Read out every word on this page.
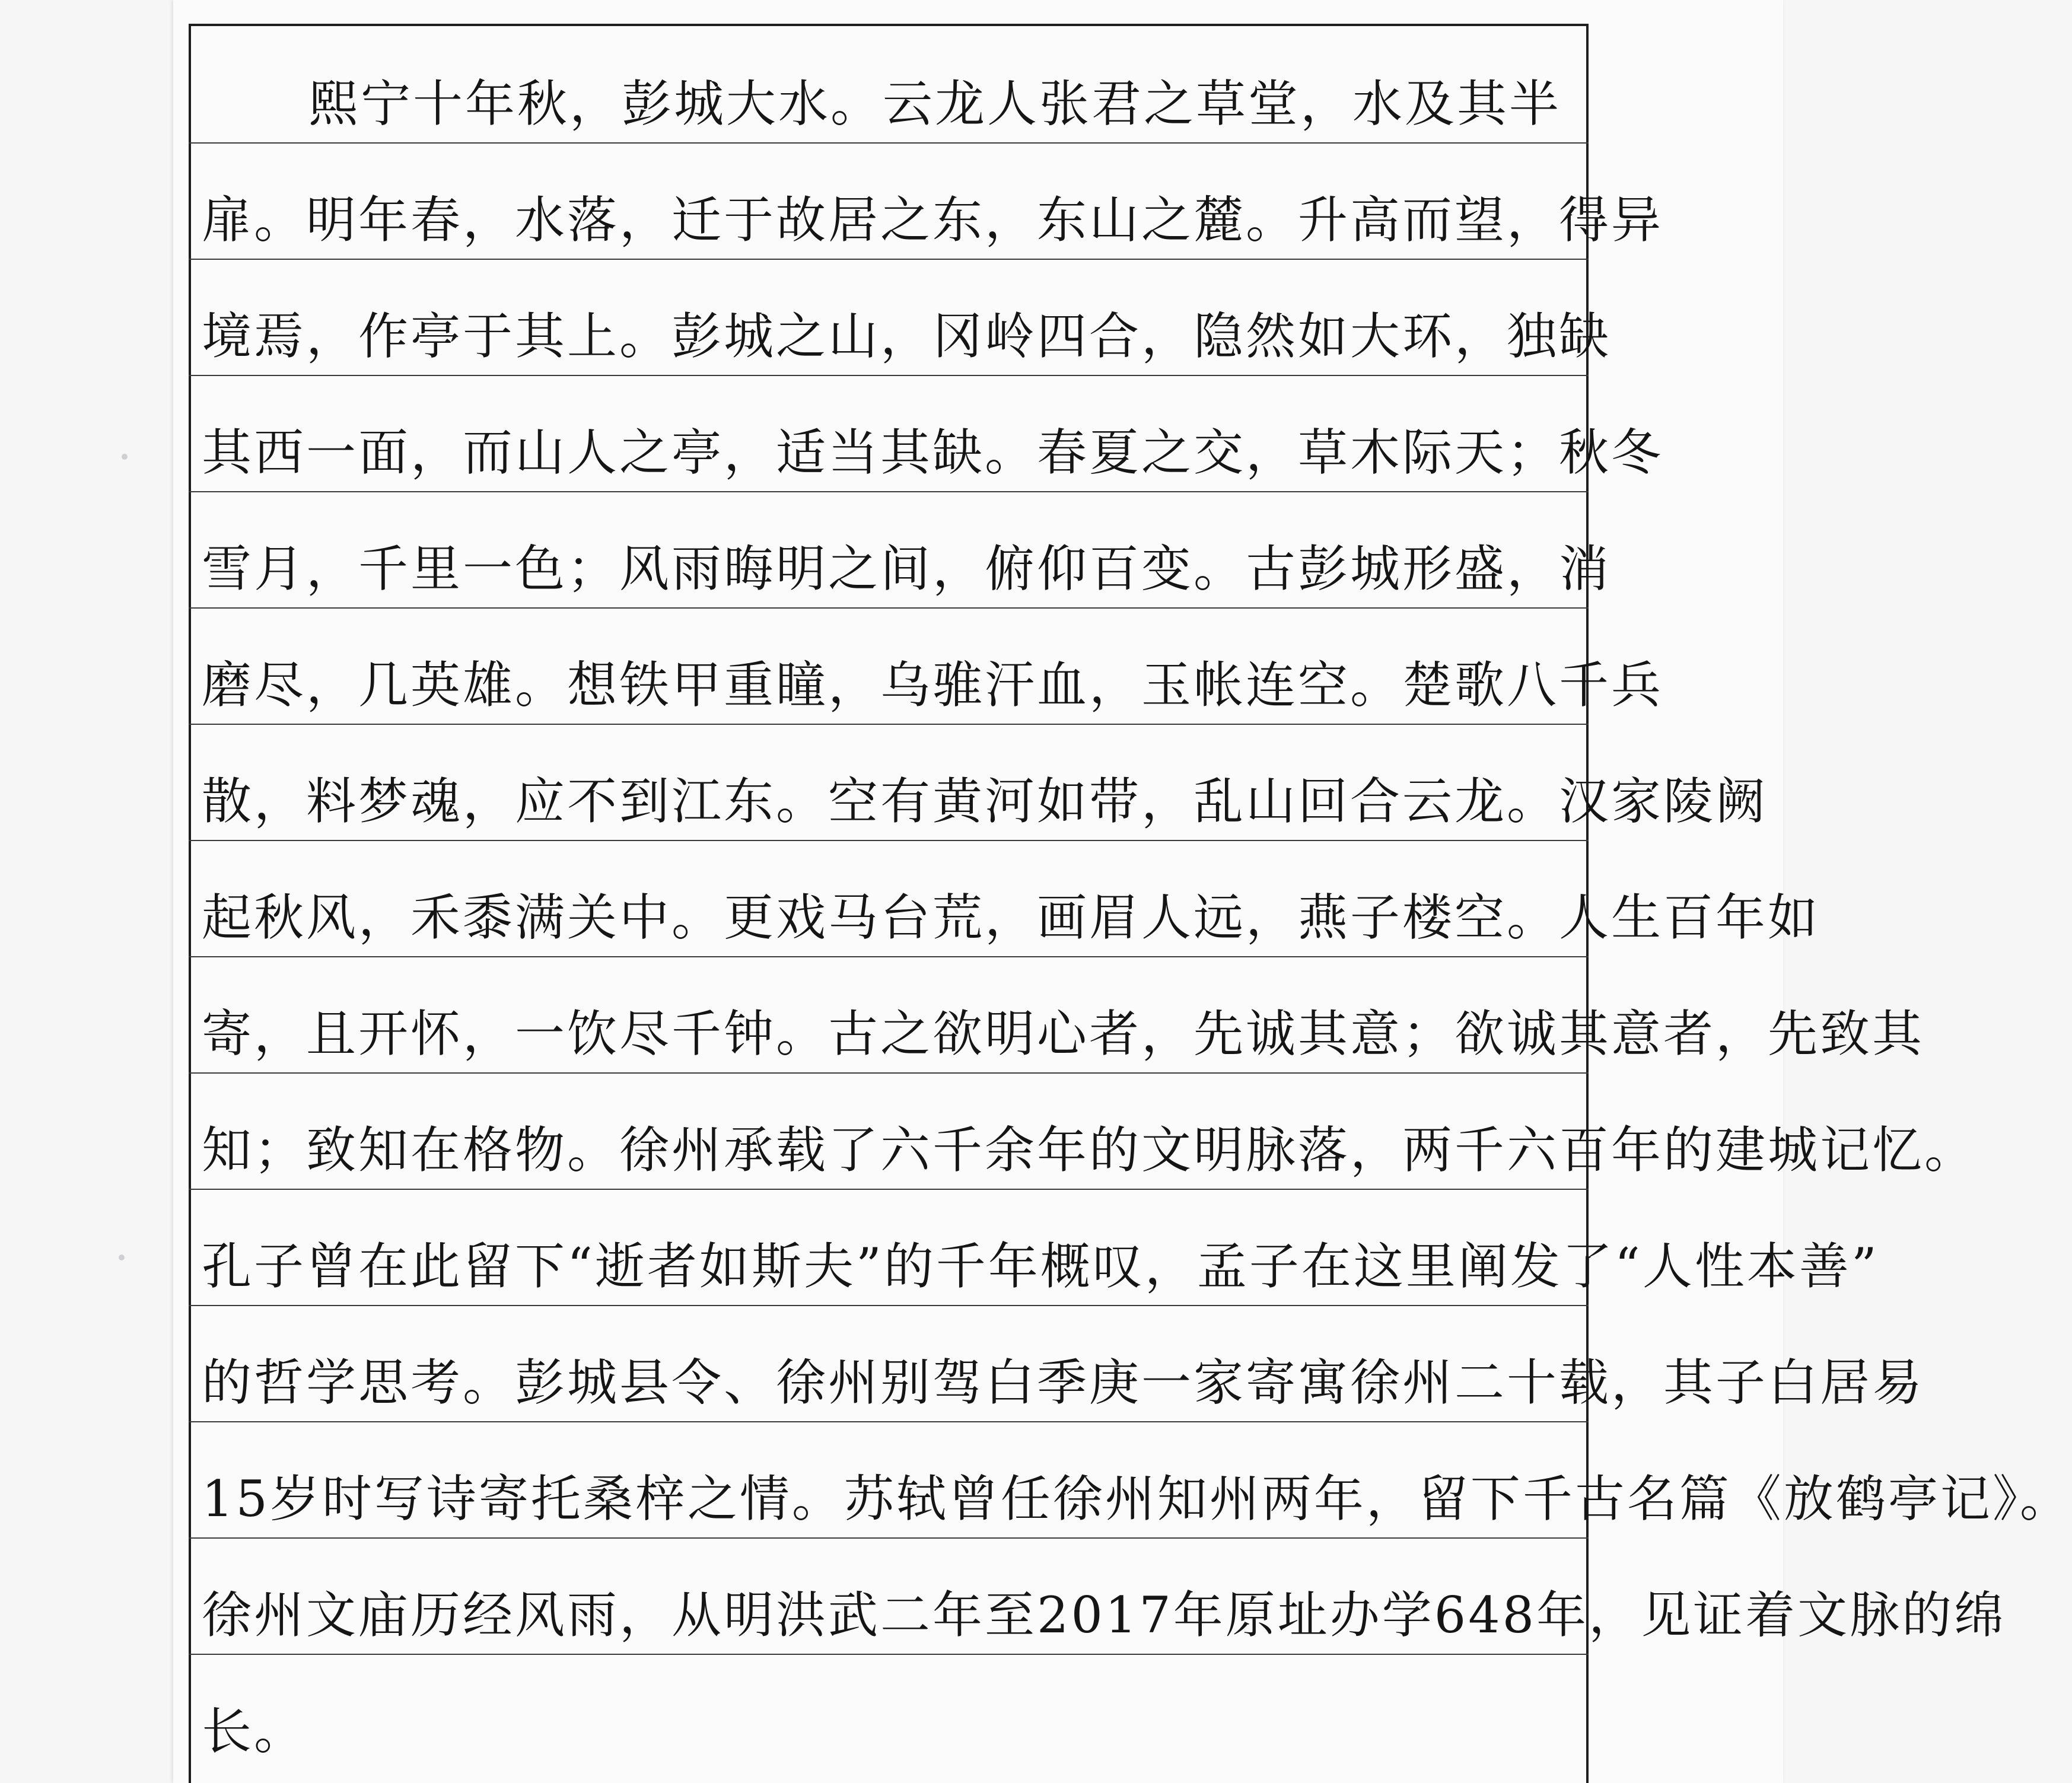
熙宁十年秋，彭城大水。云龙人张君之草堂，水及其半
扉。明年春，水落，迁于故居之东，东山之麓。升高而望，得异
境焉，作亭于其上。彭城之山，冈岭四合，隐然如大环，独缺
其西一面，而山人之亭，适当其缺。春夏之交，草木际天；秋冬
雪月，千里一色；风雨晦明之间，俯仰百变。古彭城形盛，消
磨尽，几英雄。想铁甲重瞳，乌骓汗血，玉帐连空。楚歌八千兵
散，料梦魂，应不到江东。空有黄河如带，乱山回合云龙。汉家陵阙
起秋风，禾黍满关中。更戏马台荒，画眉人远，燕子楼空。人生百年如
寄，且开怀，一饮尽千钟。古之欲明心者，先诚其意；欲诚其意者，先致其
知；致知在格物。徐州承载了六千余年的文明脉落，两千六百年的建城记忆。
孔子曾在此留下“逝者如斯夫”的千年概叹，孟子在这里阐发了“人性本善”
的哲学思考。彭城县令、徐州别驾白季庚一家寄寓徐州二十载，其子白居易
15岁时写诗寄托桑梓之情。苏轼曾任徐州知州两年，留下千古名篇《放鹤亭记》。
徐州文庙历经风雨，从明洪武二年至2017年原址办学648年，见证着文脉的绵
长。
